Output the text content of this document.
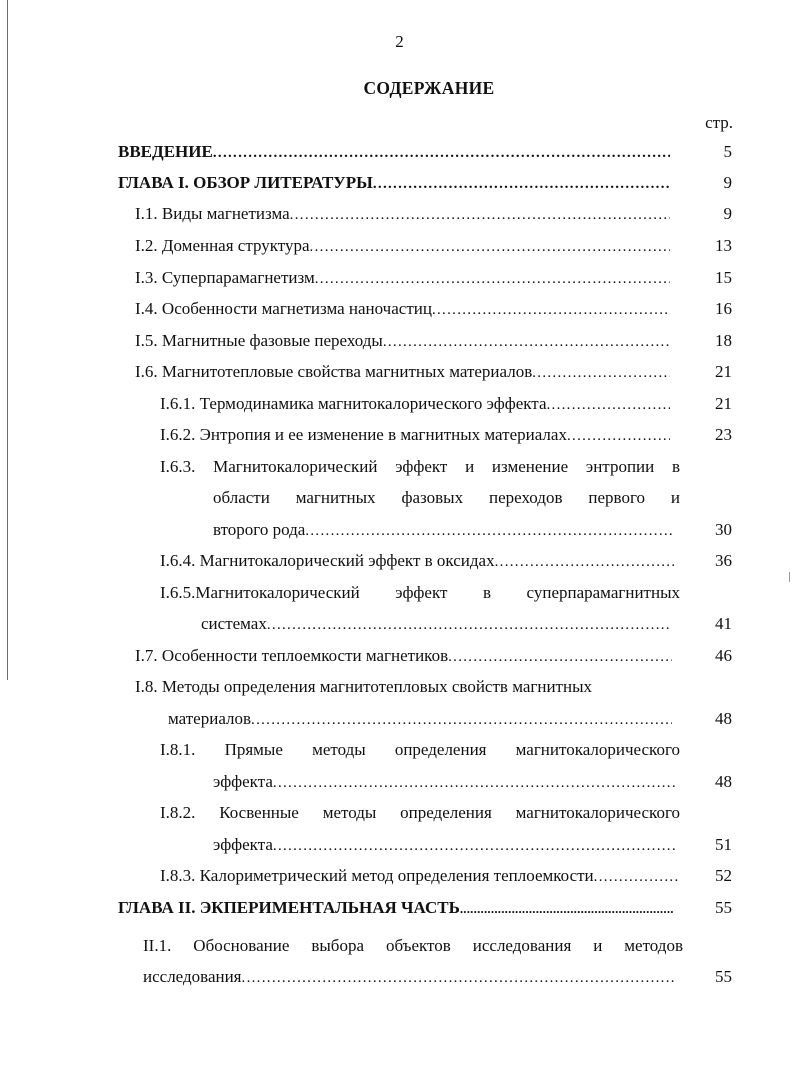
2
СОДЕРЖАНИЕ
стр.
ВВЕДЕНИЕ .....	5
ГЛАВА I. ОБЗОР ЛИТЕРАТУРЫ .....	9
I.1. Виды магнетизма .....	9
I.2. Доменная структура .....	13
I.3. Суперпарамагнетизм .....	15
I.4. Особенности магнетизма наночастиц .....	16
I.5. Магнитные фазовые переходы .....	18
I.6. Магнитотепловые свойства магнитных материалов .....	21
I.6.1. Термодинамика магнитокалорического эффекта .....	21
I.6.2. Энтропия и ее изменение в магнитных материалах .....	23
I.6.3. Магнитокалорический эффект и изменение энтропии в
области магнитных фазовых переходов первого и
второго рода .....	30
I.6.4. Магнитокалорический эффект в оксидах .....	36
I.6.5.Магнитокалорический эффект в суперпарамагнитных
системах .....	41
I.7. Особенности теплоемкости магнетиков .....	46
I.8. Методы определения магнитотепловых свойств магнитных
материалов .....	48
I.8.1. Прямые методы определения магнитокалорического
эффекта .....	48
I.8.2. Косвенные методы определения магнитокалорического
эффекта .....	51
I.8.3. Калориметрический метод определения теплоемкости .....	52
ГЛАВА II. ЭКПЕРИМЕНТАЛЬНАЯ ЧАСТЬ .....	55
II.1. Обоснование выбора объектов исследования и методов
исследования .....	55
